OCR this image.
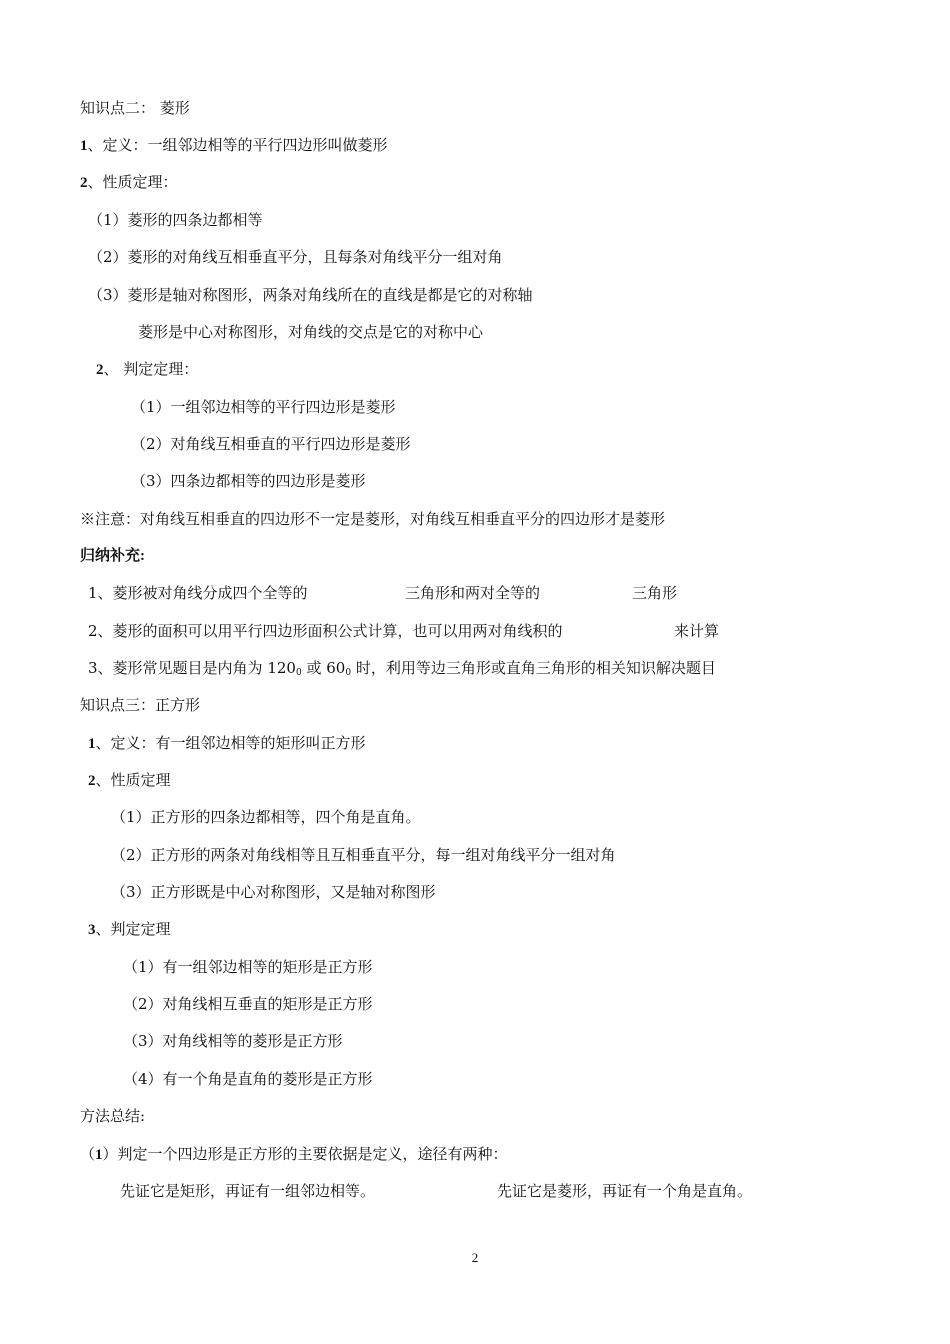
知识点二： 菱形
1、定义：一组邻边相等的平行四边形叫做菱形
2、性质定理：
（1）菱形的四条边都相等
（2）菱形的对角线互相垂直平分，且每条对角线平分一组对角
（3）菱形是轴对称图形，两条对角线所在的直线是都是它的对称轴
菱形是中心对称图形，对角线的交点是它的对称中心
2、 判定定理：
（1）一组邻边相等的平行四边形是菱形
（2）对角线互相垂直的平行四边形是菱形
（3）四条边都相等的四边形是菱形
※注意：对角线互相垂直的四边形不一定是菱形，对角线互相垂直平分的四边形才是菱形
归纳补充:
1、菱形被对角线分成四个全等的	三角形和两对全等的	三角形
2、菱形的面积可以用平行四边形面积公式计算，也可以用两对角线积的	来计算
3、菱形常见题目是内角为 $120_0$ 或 $60_0$ 时，利用等边三角形或直角三角形的相关知识解决题目
知识点三：正方形
1、定义：有一组邻边相等的矩形叫正方形
2、性质定理
（1）正方形的四条边都相等，四个角是直角。
（2）正方形的两条对角线相等且互相垂直平分，每一组对角线平分一组对角
（3）正方形既是中心对称图形，又是轴对称图形
3、判定定理
（1）有一组邻边相等的矩形是正方形
（2）对角线相互垂直的矩形是正方形
（3）对角线相等的菱形是正方形
（4）有一个角是直角的菱形是正方形
方法总结:
（1）判定一个四边形是正方形的主要依据是定义，途径有两种：
先证它是矩形，再证有一组邻边相等。	先证它是菱形，再证有一个角是直角。
2
